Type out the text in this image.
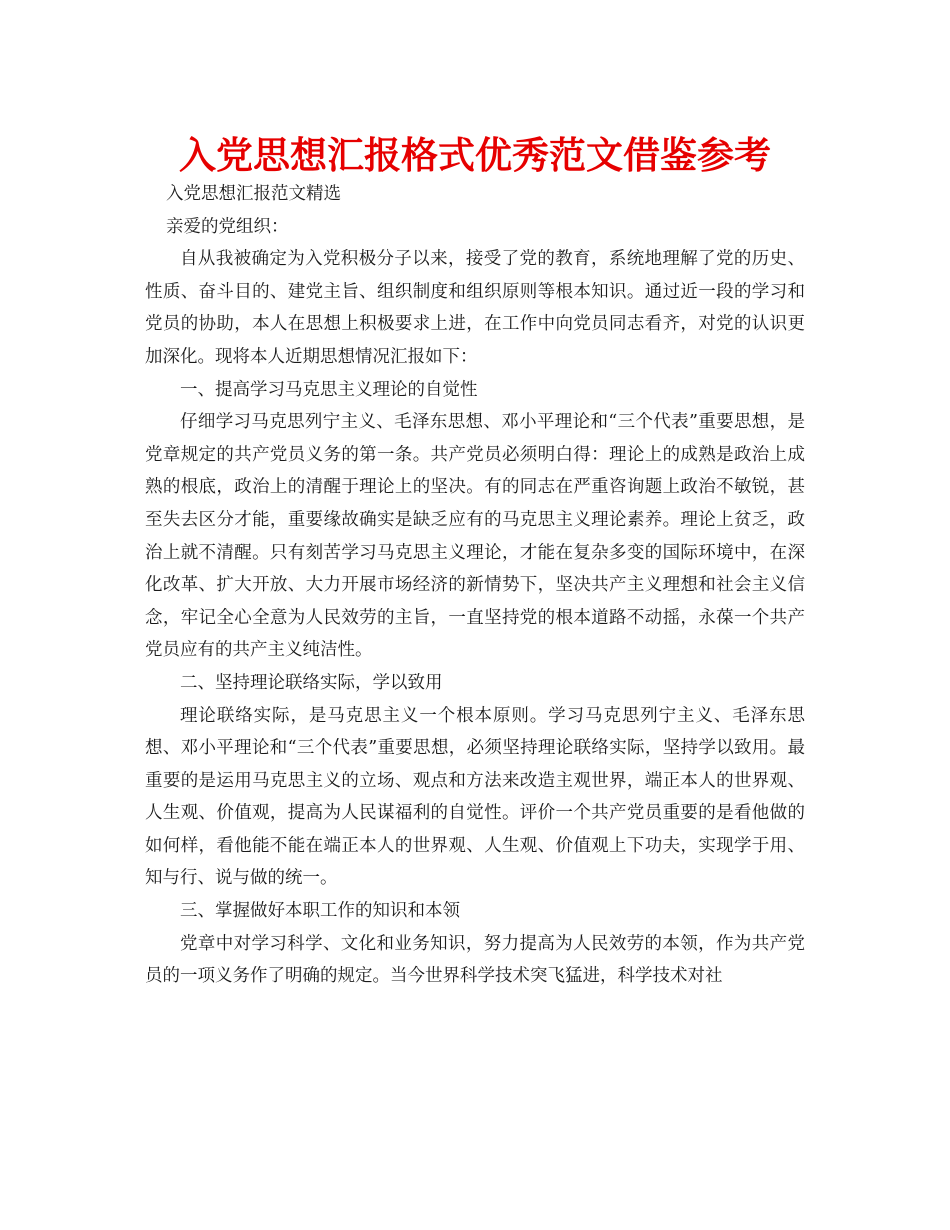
入党思想汇报格式优秀范文借鉴参考

入党思想汇报范文精选

亲爱的党组织：

自从我被确定为入党积极分子以来，接受了党的教育，系统地理解了党的历史、性质、奋斗目的、建党主旨、组织制度和组织原则等根本知识。通过近一段的学习和党员的协助，本人在思想上积极要求上进，在工作中向党员同志看齐，对党的认识更加深化。现将本人近期思想情况汇报如下：

一、提高学习马克思主义理论的自觉性

仔细学习马克思列宁主义、毛泽东思想、邓小平理论和“三个代表”重要思想，是党章规定的共产党员义务的第一条。共产党员必须明白得：理论上的成熟是政治上成熟的根底，政治上的清醒于理论上的坚决。有的同志在严重咨询题上政治不敏锐，甚至失去区分才能，重要缘故确实是缺乏应有的马克思主义理论素养。理论上贫乏，政治上就不清醒。只有刻苦学习马克思主义理论，才能在复杂多变的国际环境中，在深化改革、扩大开放、大力开展市场经济的新情势下，坚决共产主义理想和社会主义信念，牢记全心全意为人民效劳的主旨，一直坚持党的根本道路不动摇，永葆一个共产党员应有的共产主义纯洁性。

二、坚持理论联络实际，学以致用

理论联络实际，是马克思主义一个根本原则。学习马克思列宁主义、毛泽东思想、邓小平理论和“三个代表”重要思想，必须坚持理论联络实际，坚持学以致用。最重要的是运用马克思主义的立场、观点和方法来改造主观世界，端正本人的世界观、人生观、价值观，提高为人民谋福利的自觉性。评价一个共产党员重要的是看他做的如何样，看他能不能在端正本人的世界观、人生观、价值观上下功夫，实现学于用、知与行、说与做的统一。

三、掌握做好本职工作的知识和本领

党章中对学习科学、文化和业务知识，努力提高为人民效劳的本领，作为共产党员的一项义务作了明确的规定。当今世界科学技术突飞猛进，科学技术对社
